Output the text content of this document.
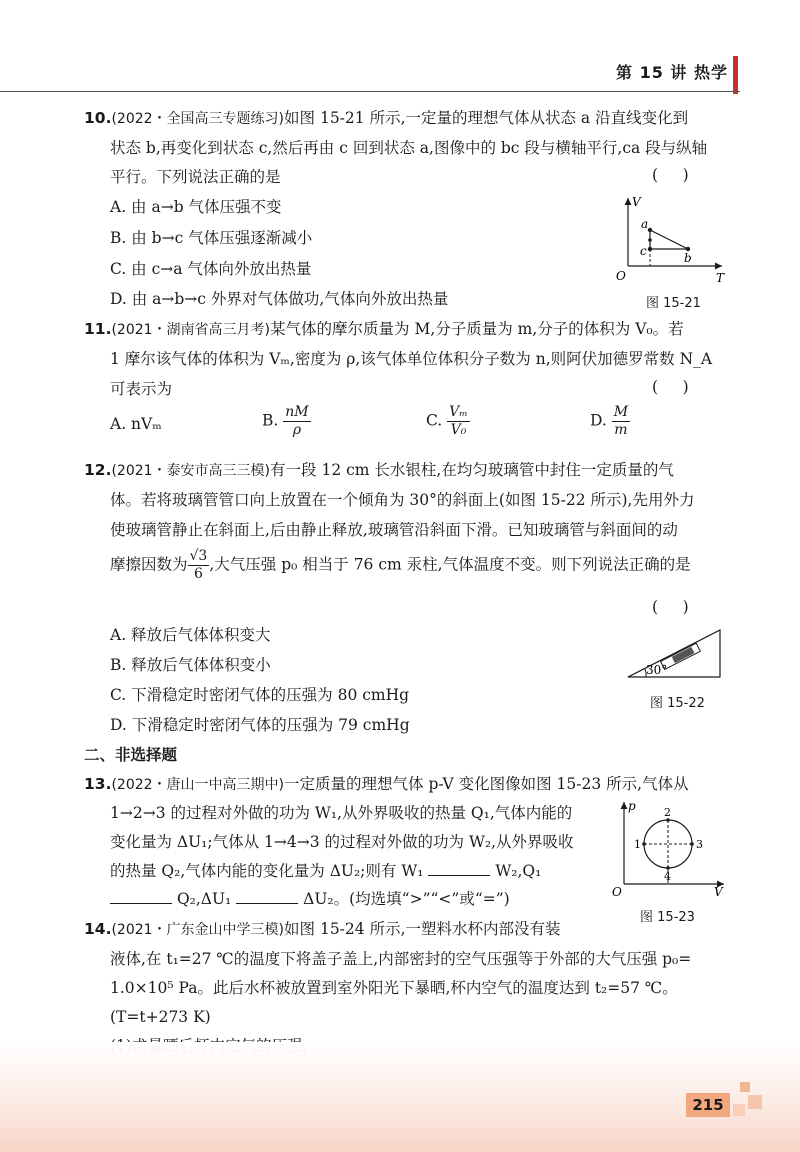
第 15 讲 热学
10.(2022・全国高三专题练习)如图 15-21 所示,一定量的理想气体从状态 a 沿直线变化到
状态 b,再变化到状态 c,然后再由 c 回到状态 a,图像中的 bc 段与横轴平行,ca 段与纵轴
平行。下列说法正确的是	(     )
A. 由 a→b 气体压强不变
B. 由 b→c 气体压强逐渐减小
C. 由 c→a 气体向外放出热量
D. 由 a→b→c 外界对气体做功,气体向外放出热量
V
T
O
a
b
c
图 15-21
11.(2021・湖南省高三月考)某气体的摩尔质量为 M,分子质量为 m,分子的体积为 V₀。若
1 摩尔该气体的体积为 Vₘ,密度为 ρ,该气体单位体积分子数为 n,则阿伏加德罗常数 N_A
可表示为	(     )
A. nVₘ	B. $\frac{nM}{\rho}$	C. $\frac{\text{Vₘ}}{\text{V₀}}$	D. $\frac{M}{m}$
12.(2021・泰安市高三三模)有一段 12 cm 长水银柱,在均匀玻璃管中封住一定质量的气
体。若将玻璃管管口向上放置在一个倾角为 30°的斜面上(如图 15-22 所示),先用外力
使玻璃管静止在斜面上,后由静止释放,玻璃管沿斜面下滑。已知玻璃管与斜面间的动
摩擦因数为 $\frac{√3}{6}$ ,大气压强 p₀ 相当于 76 cm 汞柱,气体温度不变。则下列说法正确的是
(     )
A. 释放后气体体积变大
B. 释放后气体体积变小
C. 下滑稳定时密闭气体的压强为 80 cmHg
D. 下滑稳定时密闭气体的压强为 79 cmHg
30°
图 15-22
二、非选择题
13.(2022・唐山一中高三期中)一定质量的理想气体 p-V 变化图像如图 15-23 所示,气体从
1→2→3 的过程对外做的功为 W₁,从外界吸收的热量 Q₁,气体内能的
变化量为 ΔU₁;气体从 1→4→3 的过程对外做的功为 W₂,从外界吸收
的热量 Q₂,气体内能的变化量为 ΔU₂;则有 W₁	W₂,Q₁
Q₂,ΔU₁	ΔU₂。(均选填“>”“<”或“=”)
p
V
O
1
2
3
4
图 15-23
14.(2021・广东金山中学三模)如图 15-24 所示,一塑料水杯内部没有装
液体,在 t₁=27 ℃的温度下将盖子盖上,内部密封的空气压强等于外部的大气压强 p₀=
1.0×10⁵ Pa。此后水杯被放置到室外阳光下暴晒,杯内空气的温度达到 t₂=57 ℃。
(T=t+273 K)
215
